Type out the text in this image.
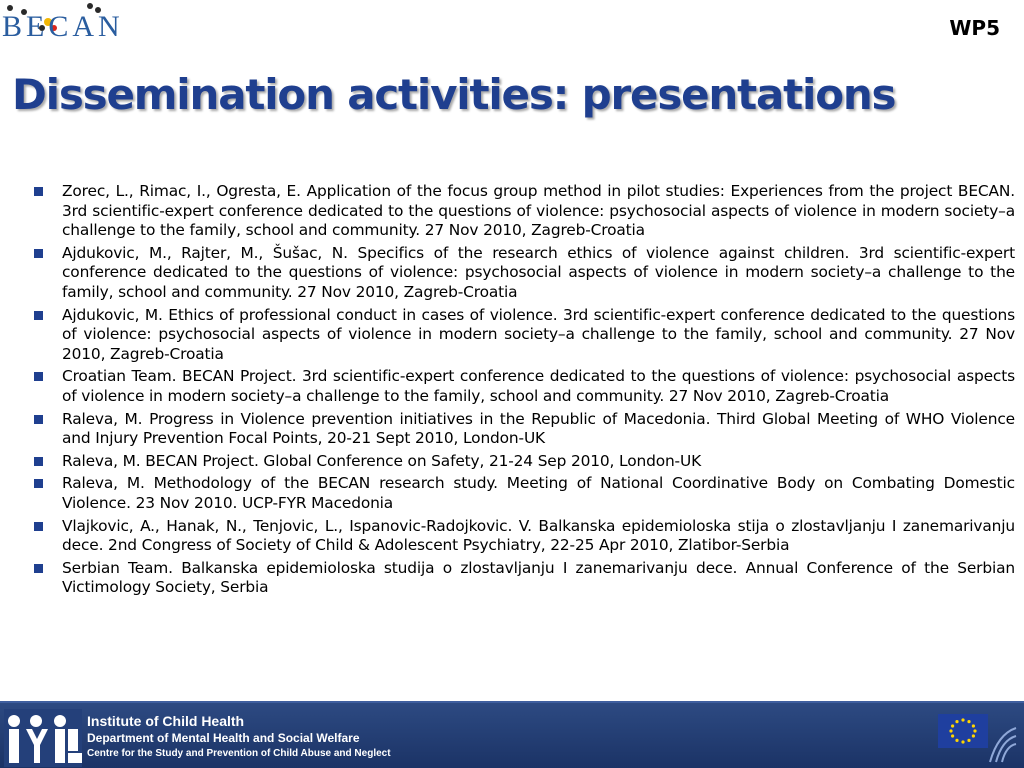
BECAN	WP5
Dissemination activities: presentations
Zorec, L., Rimac, I., Ogresta, E. Application of the focus group method in pilot studies: Experiences from the project BECAN. 3rd scientific-expert conference dedicated to the questions of violence: psychosocial aspects of violence in modern society–a challenge to the family, school and community. 27 Nov 2010, Zagreb-Croatia
Ajdukovic, M., Rajter, M., Šušac, N. Specifics of the research ethics of violence against children. 3rd scientific-expert conference dedicated to the questions of violence: psychosocial aspects of violence in modern society–a challenge to the family, school and community. 27 Nov 2010, Zagreb-Croatia
Ajdukovic, M. Ethics of professional conduct in cases of violence. 3rd scientific-expert conference dedicated to the questions of violence: psychosocial aspects of violence in modern society–a challenge to the family, school and community. 27 Nov 2010, Zagreb-Croatia
Croatian Team. BECAN Project. 3rd scientific-expert conference dedicated to the questions of violence: psychosocial aspects of violence in modern society–a challenge to the family, school and community. 27 Nov 2010, Zagreb-Croatia
Raleva, M. Progress in Violence prevention initiatives in the Republic of Macedonia. Third Global Meeting of WHO Violence and Injury Prevention Focal Points, 20-21 Sept 2010, London-UK
Raleva, M. BECAN Project. Global Conference on Safety, 21-24 Sep 2010, London-UK
Raleva, M. Methodology of the BECAN research study. Meeting of National Coordinative Body on Combating Domestic Violence. 23 Nov 2010. UCP-FYR Macedonia
Vlajkovic, A., Hanak, N., Tenjovic, L., Ispanovic-Radojkovic. V. Balkanska epidemioloska stija o zlostavljanju I zanemarivanju dece. 2nd Congress of Society of Child & Adolescent Psychiatry, 22-25 Apr 2010, Zlatibor-Serbia
Serbian Team. Balkanska epidemioloska studija o zlostavljanju I zanemarivanju dece. Annual Conference of the Serbian Victimology Society, Serbia
Institute of Child Health
Department of Mental Health and Social Welfare
Centre for the Study and Prevention of Child Abuse and Neglect
